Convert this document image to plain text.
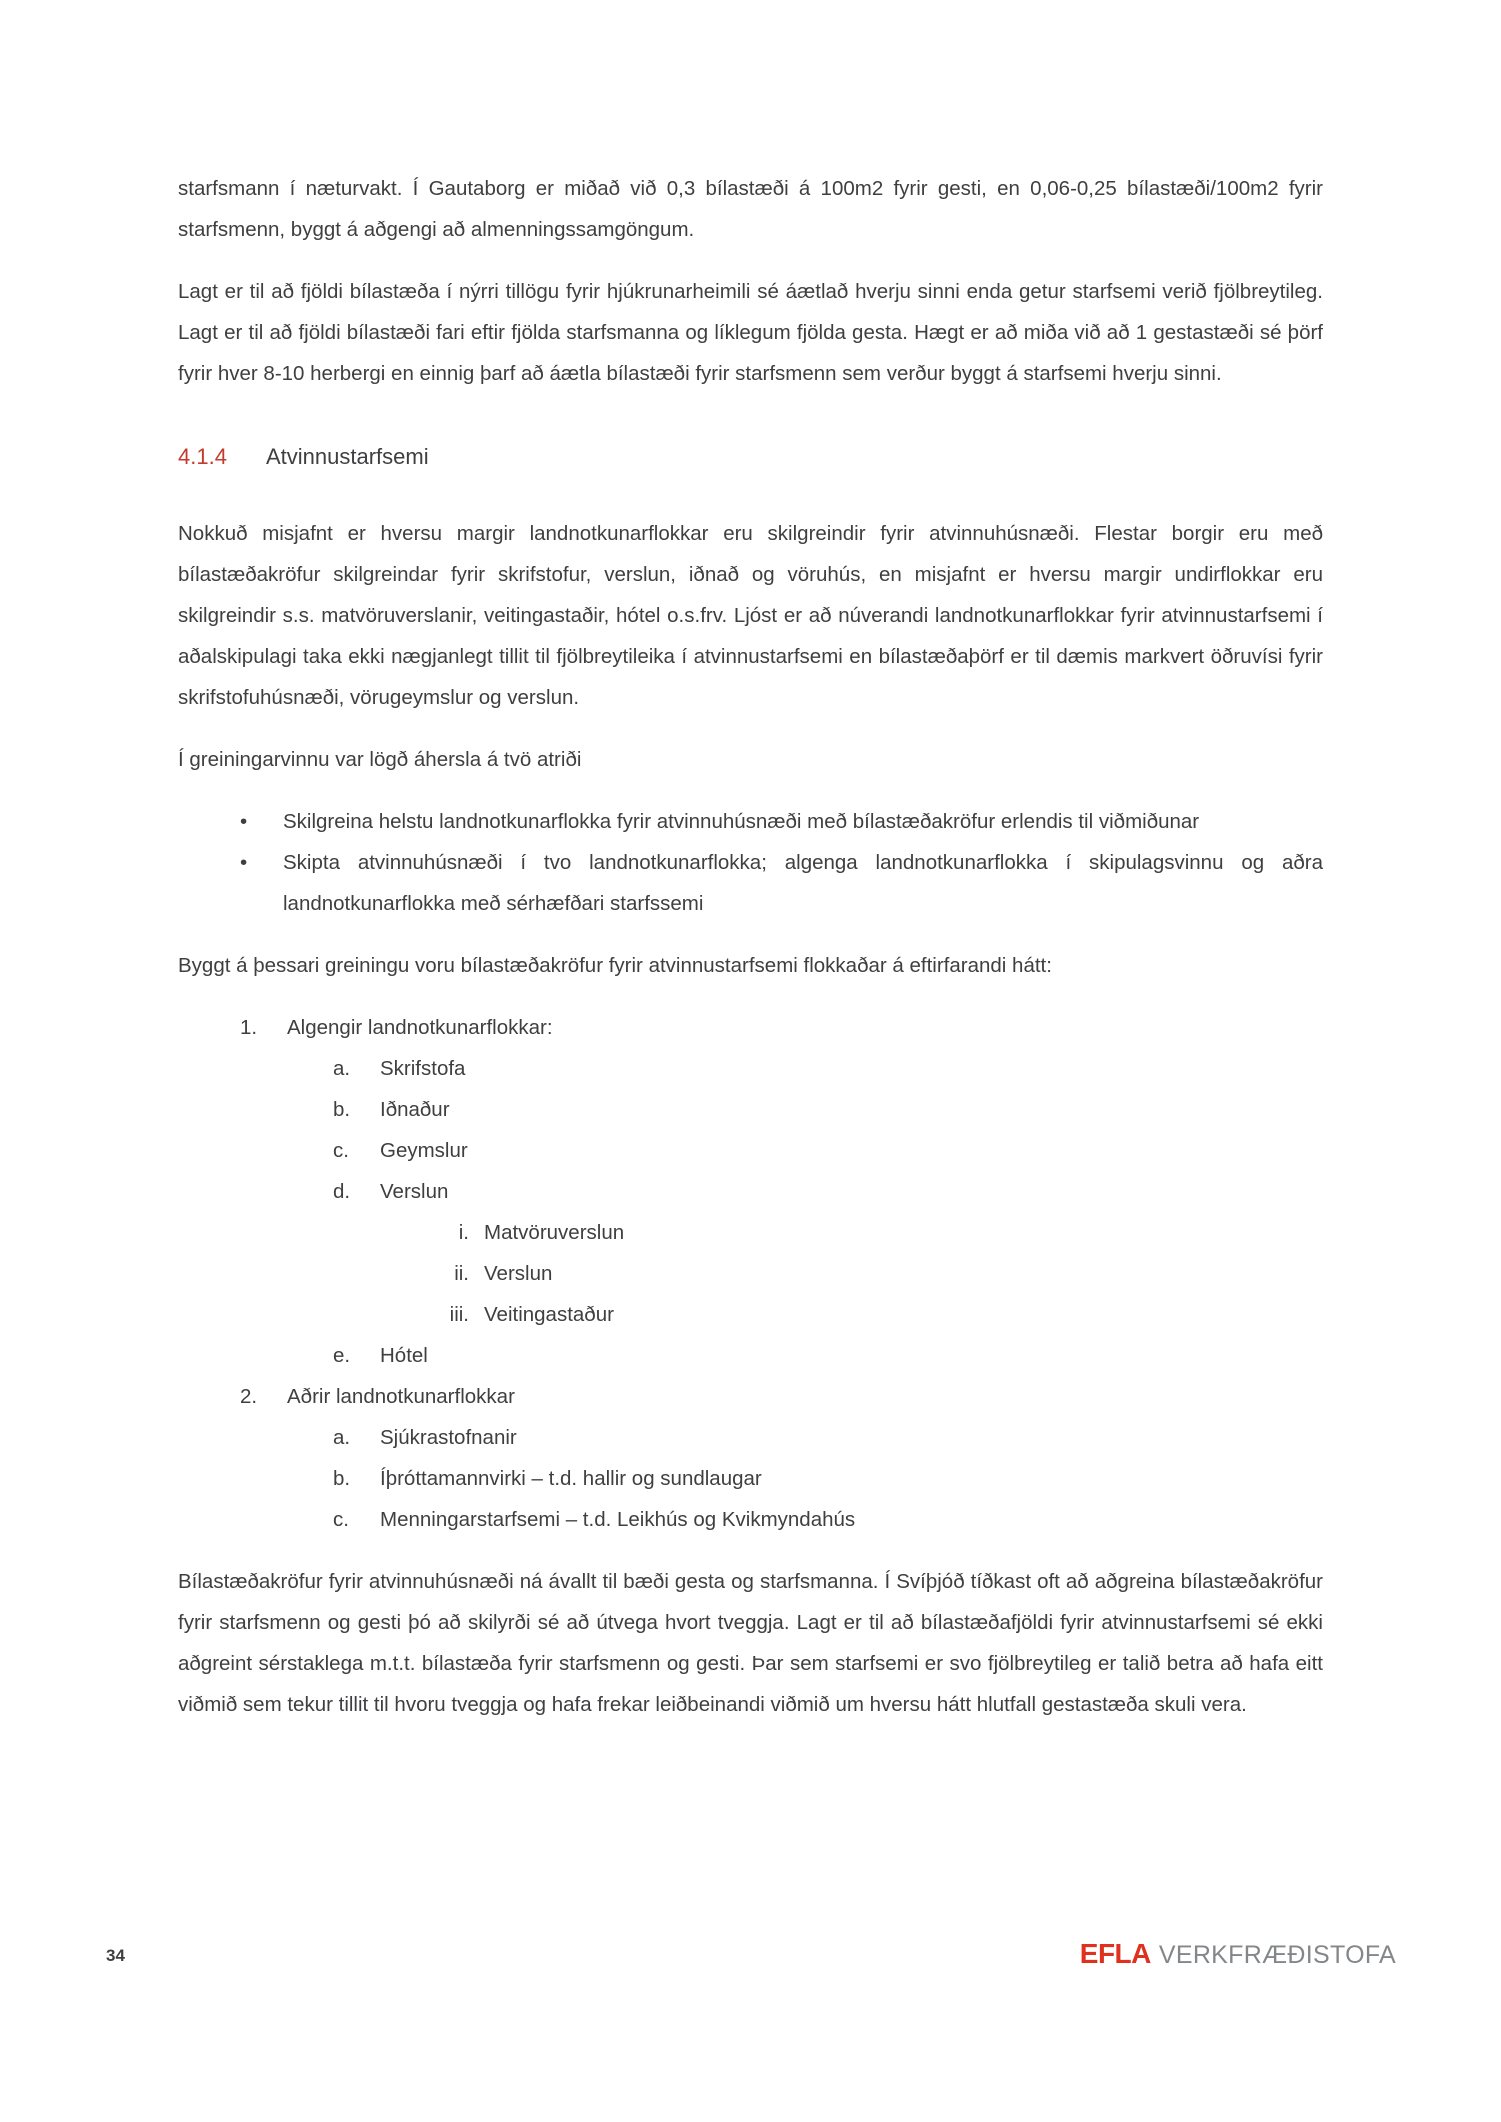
starfsmann í næturvakt. Í Gautaborg er miðað við 0,3 bílastæði á 100m2 fyrir gesti, en 0,06-0,25 bílastæði/100m2 fyrir starfsmenn, byggt á aðgengi að almenningssamgöngum.

Lagt er til að fjöldi bílastæða í nýrri tillögu fyrir hjúkrunarheimili sé áætlað hverju sinni enda getur starfsemi verið fjölbreytileg. Lagt er til að fjöldi bílastæði fari eftir fjölda starfsmanna og líklegum fjölda gesta. Hægt er að miða við að 1 gestastæði sé þörf fyrir hver 8-10 herbergi en einnig þarf að áætla bílastæði fyrir starfsmenn sem verður byggt á starfsemi hverju sinni.

4.1.4 Atvinnustarfsemi

Nokkuð misjafnt er hversu margir landnotkunarflokkar eru skilgreindir fyrir atvinnuhúsnæði. Flestar borgir eru með bílastæðakröfur skilgreindar fyrir skrifstofur, verslun, iðnað og vöruhús, en misjafnt er hversu margir undirflokkar eru skilgreindir s.s. matvöruverslanir, veitingastaðir, hótel o.s.frv. Ljóst er að núverandi landnotkunarflokkar fyrir atvinnustarfsemi í aðalskipulagi taka ekki nægjanlegt tillit til fjölbreytileika í atvinnustarfsemi en bílastæðaþörf er til dæmis markvert öðruvísi fyrir skrifstofuhúsnæði, vörugeymslur og verslun.

Í greiningarvinnu var lögð áhersla á tvö atriði

•	Skilgreina helstu landnotkunarflokka fyrir atvinnuhúsnæði með bílastæðakröfur erlendis til viðmiðunar
•	Skipta atvinnuhúsnæði í tvo landnotkunarflokka; algenga landnotkunarflokka í skipulagsvinnu og aðra landnotkunarflokka með sérhæfðari starfssemi

Byggt á þessari greiningu voru bílastæðakröfur fyrir atvinnustarfsemi flokkaðar á eftirfarandi hátt:

1.	Algengir landnotkunarflokkar:
a.	Skrifstofa
b.	Iðnaður
c.	Geymslur
d.	Verslun
i. Matvöruverslun
ii. Verslun
iii. Veitingastaður
e.	Hótel
2.	Aðrir landnotkunarflokkar
a.	Sjúkrastofnanir
b.	Íþróttamannvirki – t.d. hallir og sundlaugar
c.	Menningarstarfsemi – t.d. Leikhús og Kvikmyndahús

Bílastæðakröfur fyrir atvinnuhúsnæði ná ávallt til bæði gesta og starfsmanna. Í Svíþjóð tíðkast oft að aðgreina bílastæðakröfur fyrir starfsmenn og gesti þó að skilyrði sé að útvega hvort tveggja. Lagt er til að bílastæðafjöldi fyrir atvinnustarfsemi sé ekki aðgreint sérstaklega m.t.t. bílastæða fyrir starfsmenn og gesti. Þar sem starfsemi er svo fjölbreytileg er talið betra að hafa eitt viðmið sem tekur tillit til hvoru tveggja og hafa frekar leiðbeinandi viðmið um hversu hátt hlutfall gestastæða skuli vera.

34	EFLA VERKFRÆÐISTOFA
